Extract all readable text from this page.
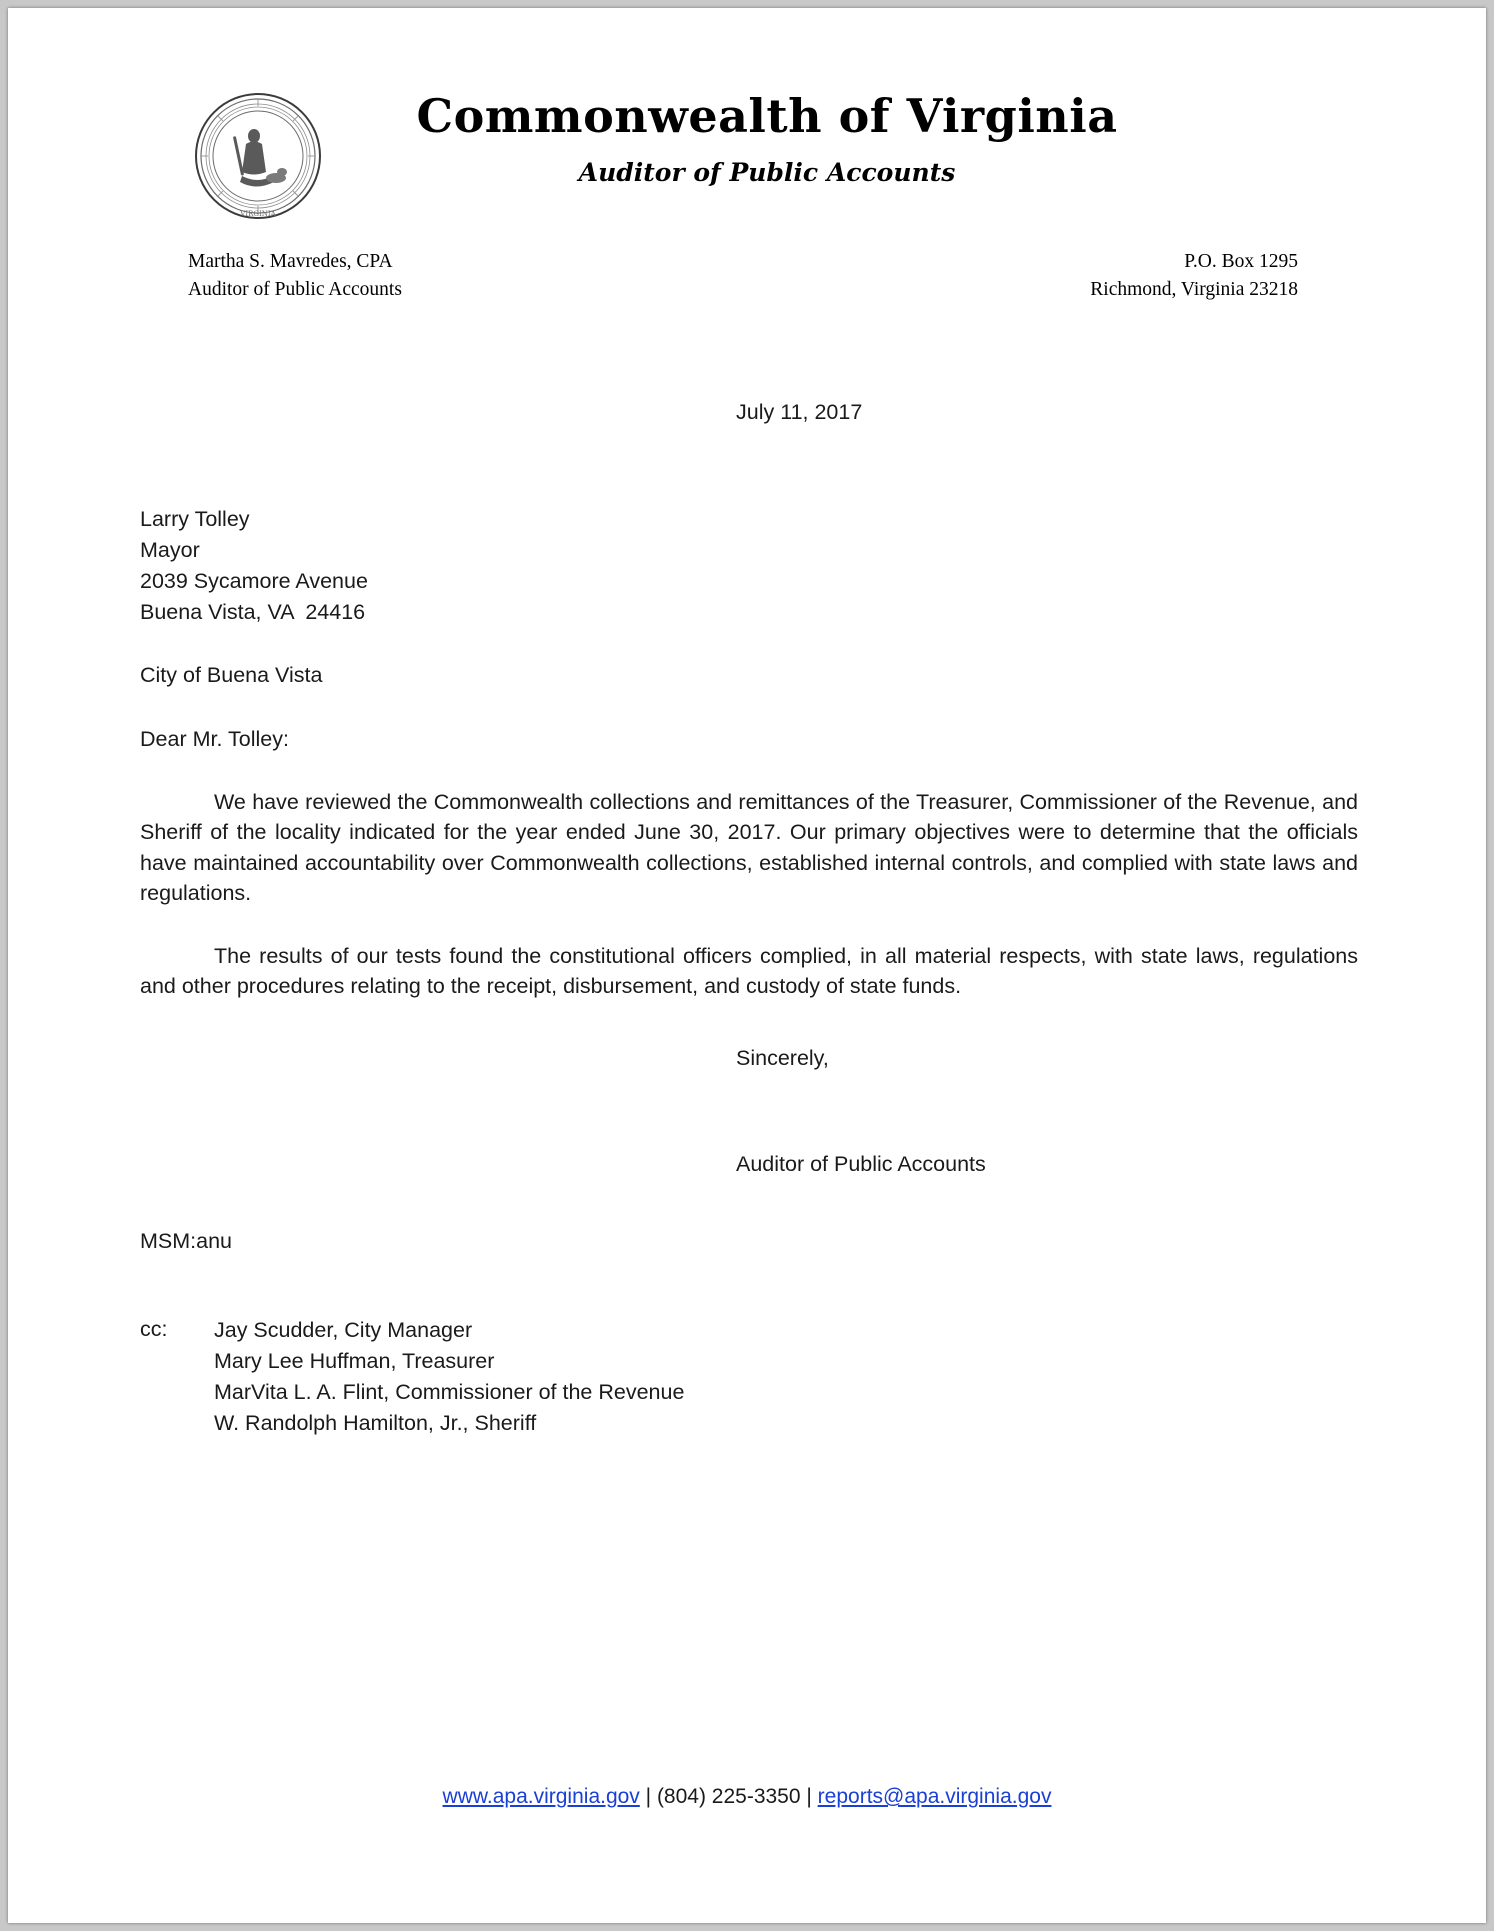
VIRGINIA
Commonwealth of Virginia
Auditor of Public Accounts
Martha S. Mavredes, CPA
Auditor of Public Accounts
P.O. Box 1295
Richmond, Virginia 23218
July 11, 2017
Larry Tolley
Mayor
2039 Sycamore Avenue
Buena Vista, VA  24416
City of Buena Vista
Dear Mr. Tolley:
We have reviewed the Commonwealth collections and remittances of the Treasurer, Commissioner of the Revenue, and Sheriff of the locality indicated for the year ended June 30, 2017. Our primary objectives were to determine that the officials have maintained accountability over Commonwealth collections, established internal controls, and complied with state laws and regulations.
The results of our tests found the constitutional officers complied, in all material respects, with state laws, regulations and other procedures relating to the receipt, disbursement, and custody of state funds.
Sincerely,
Auditor of Public Accounts
MSM:anu
cc:	Jay Scudder, City Manager
Mary Lee Huffman, Treasurer
MarVita L. A. Flint, Commissioner of the Revenue
W. Randolph Hamilton, Jr., Sheriff
www.apa.virginia.gov | (804) 225-3350 | reports@apa.virginia.gov
